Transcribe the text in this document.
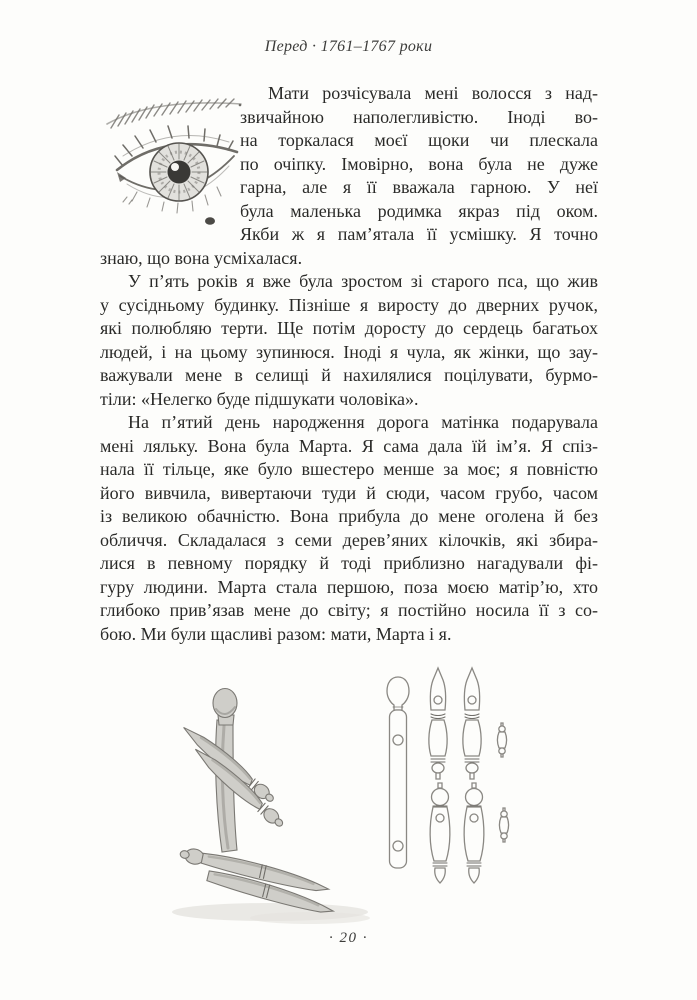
Перед · 1761–1767 роки
Мати розчісувала мені волосся з над-
звичайною наполегливістю. Іноді во-
на торкалася моєї щоки чи плескала
по очіпку. Імовірно, вона була не дуже
гарна, але я її вважала гарною. У неї
була маленька родимка якраз під оком.
Якби ж я пам’ятала її усмішку. Я точно
знаю, що вона усміхалася.
У п’ять років я вже була зростом зі старого пса, що жив
у сусідньому будинку. Пізніше я виросту до дверних ручок,
які полюбляю терти. Ще потім доросту до сердець багатьох
людей, і на цьому зупинюся. Іноді я чула, як жінки, що зау-
важували мене в селищі й нахилялися поцілувати, бурмо-
тіли: «Нелегко буде підшукати чоловіка».
На п’ятий день народження дорога матінка подарувала
мені ляльку. Вона була Марта. Я сама дала їй ім’я. Я спіз-
нала її тільце, яке було вшестеро менше за моє; я повністю
його вивчила, вивертаючи туди й сюди, часом грубо, часом
із великою обачністю. Вона прибула до мене оголена й без
обличчя. Складалася з семи дерев’яних кілочків, які збира-
лися в певному порядку й тоді приблизно нагадували фі-
гуру людини. Марта стала першою, поза моєю матір’ю, хто
глибоко прив’язав мене до світу; я постійно носила її з со-
бою. Ми були щасливі разом: мати, Марта і я.
· 20 ·
